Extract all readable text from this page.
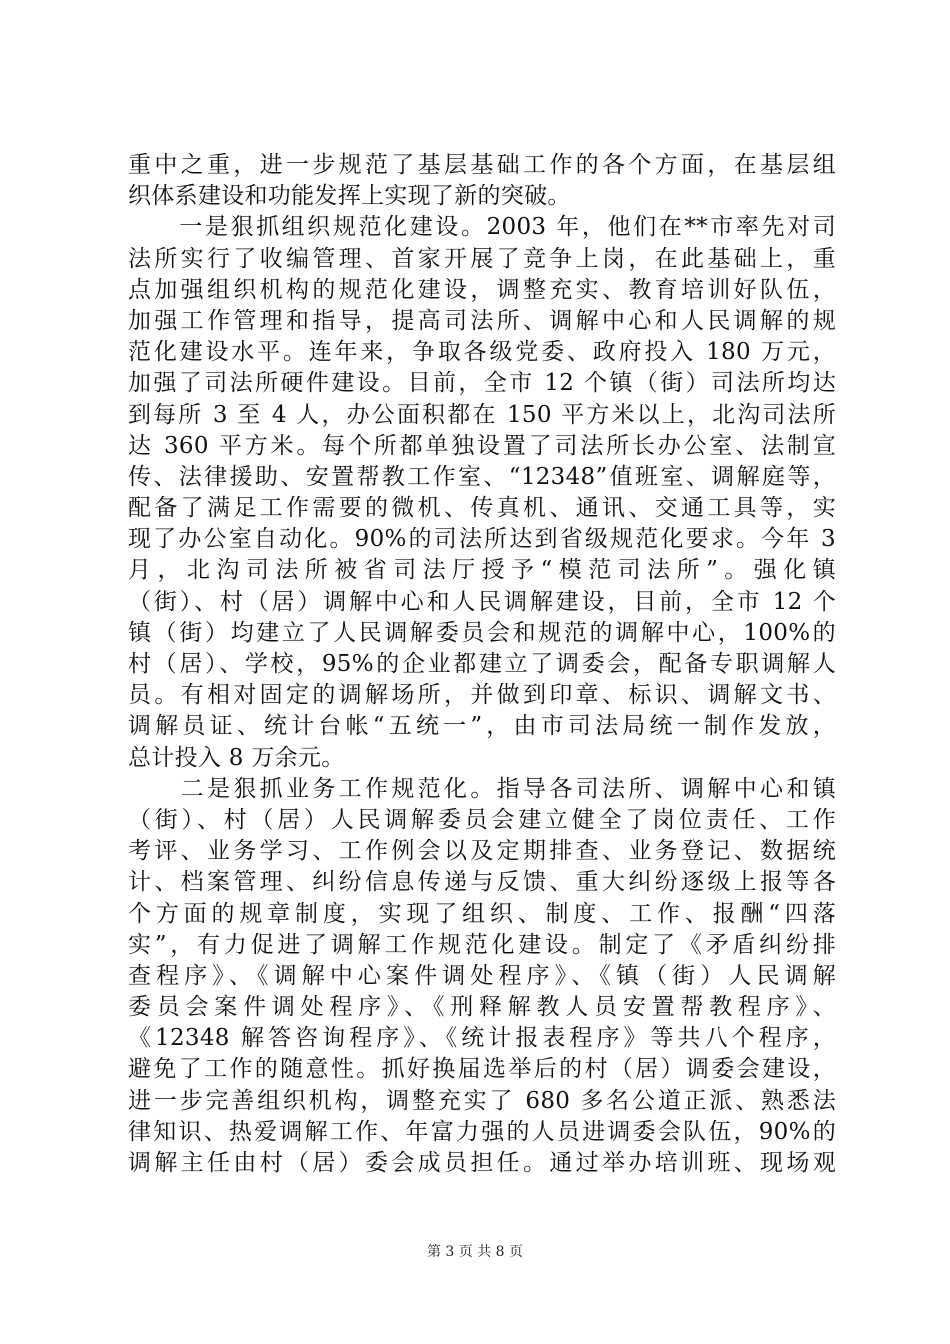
重中之重，进一步规范了基层基础工作的各个方面，在基层组
织体系建设和功能发挥上实现了新的突破。
　　一是狠抓组织规范化建设。2003 年，他们在**市率先对司
法所实行了收编管理、首家开展了竞争上岗，在此基础上，重
点加强组织机构的规范化建设，调整充实、教育培训好队伍，
加强工作管理和指导，提高司法所、调解中心和人民调解的规
范化建设水平。连年来，争取各级党委、政府投入 180 万元，
加强了司法所硬件建设。目前，全市 12 个镇（街）司法所均达
到每所 3 至 4 人，办公面积都在 150 平方米以上，北沟司法所
达 360 平方米。每个所都单独设置了司法所长办公室、法制宣
传、法律援助、安置帮教工作室、“12348”值班室、调解庭等，
配备了满足工作需要的微机、传真机、通讯、交通工具等，实
现了办公室自动化。90%的司法所达到省级规范化要求。今年 3
月，北沟司法所被省司法厅授予“模范司法所”。强化镇
（街）、村（居）调解中心和人民调解建设，目前，全市 12 个
镇（街）均建立了人民调解委员会和规范的调解中心，100%的
村（居）、学校，95%的企业都建立了调委会，配备专职调解人
员。有相对固定的调解场所，并做到印章、标识、调解文书、
调解员证、统计台帐“五统一”，由市司法局统一制作发放，
总计投入 8 万余元。
　　二是狠抓业务工作规范化。指导各司法所、调解中心和镇
（街）、村（居）人民调解委员会建立健全了岗位责任、工作
考评、业务学习、工作例会以及定期排查、业务登记、数据统
计、档案管理、纠纷信息传递与反馈、重大纠纷逐级上报等各
个方面的规章制度，实现了组织、制度、工作、报酬“四落
实”，有力促进了调解工作规范化建设。制定了《矛盾纠纷排
查程序》、《调解中心案件调处程序》、《镇（街）人民调解
委员会案件调处程序》、《刑释解教人员安置帮教程序》、
《12348 解答咨询程序》、《统计报表程序》等共八个程序，
避免了工作的随意性。抓好换届选举后的村（居）调委会建设，
进一步完善组织机构，调整充实了 680 多名公道正派、熟悉法
律知识、热爱调解工作、年富力强的人员进调委会队伍，90%的
调解主任由村（居）委会成员担任。通过举办培训班、现场观
第 3 页 共 8 页
